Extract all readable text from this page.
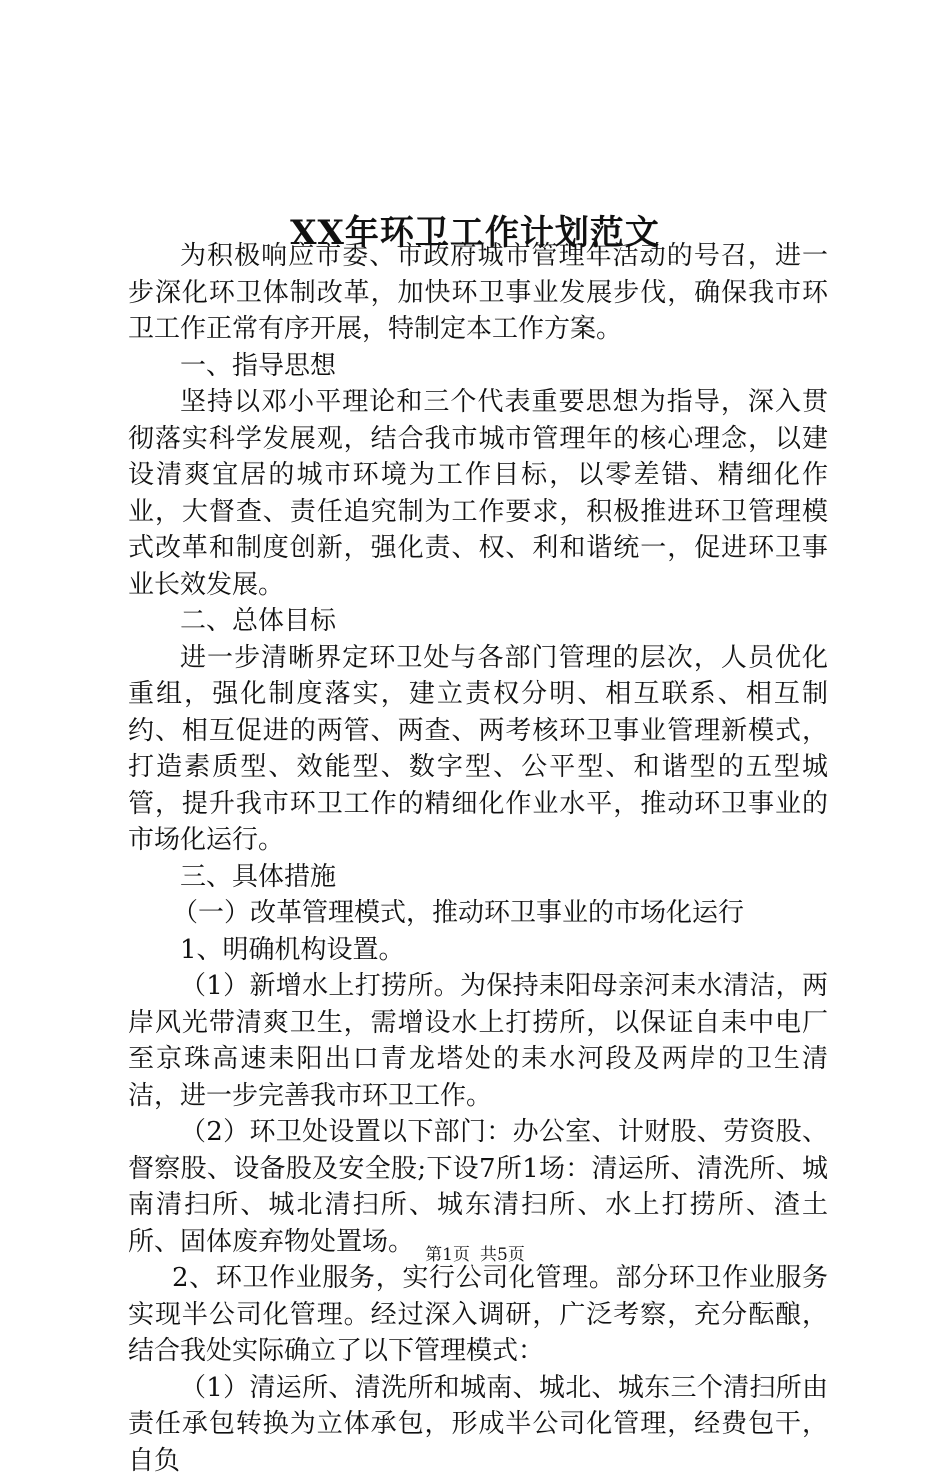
XX年环卫工作计划范文

为积极响应市委、市政府城市管理年活动的号召，进一步深化环卫体制改革，加快环卫事业发展步伐，确保我市环卫工作正常有序开展，特制定本工作方案。

一、指导思想

坚持以邓小平理论和三个代表重要思想为指导，深入贯彻落实科学发展观，结合我市城市管理年的核心理念，以建设清爽宜居的城市环境为工作目标，以零差错、精细化作业，大督查、责任追究制为工作要求，积极推进环卫管理模式改革和制度创新，强化责、权、利和谐统一，促进环卫事业长效发展。

二、总体目标

进一步清晰界定环卫处与各部门管理的层次，人员优化重组，强化制度落实，建立责权分明、相互联系、相互制约、相互促进的两管、两查、两考核环卫事业管理新模式，打造素质型、效能型、数字型、公平型、和谐型的五型城管，提升我市环卫工作的精细化作业水平，推动环卫事业的市场化运行。

三、具体措施

（一）改革管理模式，推动环卫事业的市场化运行

1、明确机构设置。

（1）新增水上打捞所。为保持耒阳母亲河耒水清洁，两岸风光带清爽卫生，需增设水上打捞所，以保证自耒中电厂至京珠高速耒阳出口青龙塔处的耒水河段及两岸的卫生清洁，进一步完善我市环卫工作。

（2）环卫处设置以下部门：办公室、计财股、劳资股、督察股、设备股及安全股;下设7所1场：清运所、清洗所、城南清扫所、城北清扫所、城东清扫所、水上打捞所、渣土所、固体废弃物处置场。

2、环卫作业服务，实行公司化管理。部分环卫作业服务实现半公司化管理。经过深入调研，广泛考察，充分酝酿，结合我处实际确立了以下管理模式：

（1）清运所、清洗所和城南、城北、城东三个清扫所由责任承包转换为立体承包，形成半公司化管理，经费包干，自负

第1页 共5页
